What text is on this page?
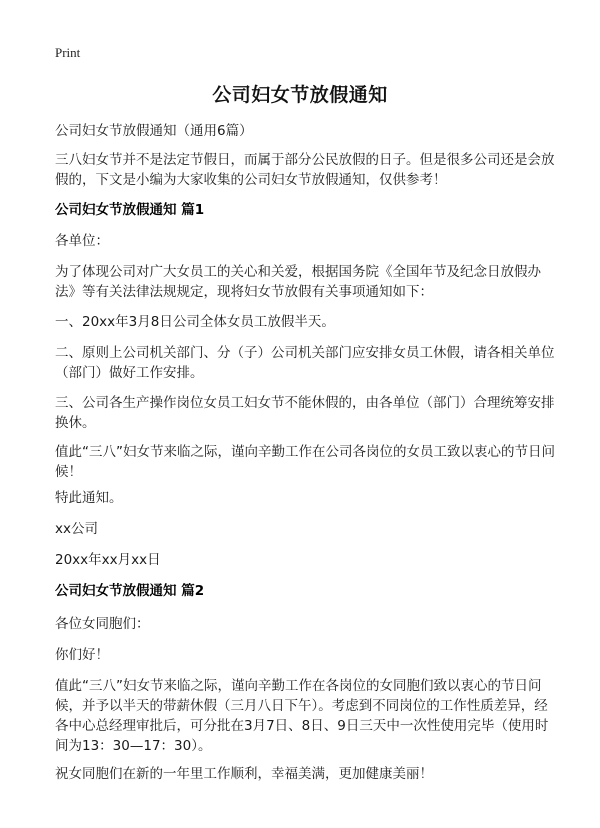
Print
公司妇女节放假通知
公司妇女节放假通知（通用6篇）
三八妇女节并不是法定节假日，而属于部分公民放假的日子。但是很多公司还是会放假的，下文是小编为大家收集的公司妇女节放假通知，仅供参考！
公司妇女节放假通知 篇1
各单位：
为了体现公司对广大女员工的关心和关爱，根据国务院《全国年节及纪念日放假办法》等有关法律法规规定，现将妇女节放假有关事项通知如下：
一、20xx年3月8日公司全体女员工放假半天。
二、原则上公司机关部门、分（子）公司机关部门应安排女员工休假，请各相关单位（部门）做好工作安排。
三、公司各生产操作岗位女员工妇女节不能休假的，由各单位（部门）合理统筹安排换休。
值此“三八”妇女节来临之际，谨向辛勤工作在公司各岗位的女员工致以衷心的节日问候！
特此通知。
xx公司
20xx年xx月xx日
公司妇女节放假通知 篇2
各位女同胞们：
你们好！
值此“三八”妇女节来临之际，谨向辛勤工作在各岗位的女同胞们致以衷心的节日问候，并予以半天的带薪休假（三月八日下午）。考虑到不同岗位的工作性质差异，经各中心总经理审批后，可分批在3月7日、8日、9日三天中一次性使用完毕（使用时间为13：30—17：30）。
祝女同胞们在新的一年里工作顺利，幸福美满，更加健康美丽！
